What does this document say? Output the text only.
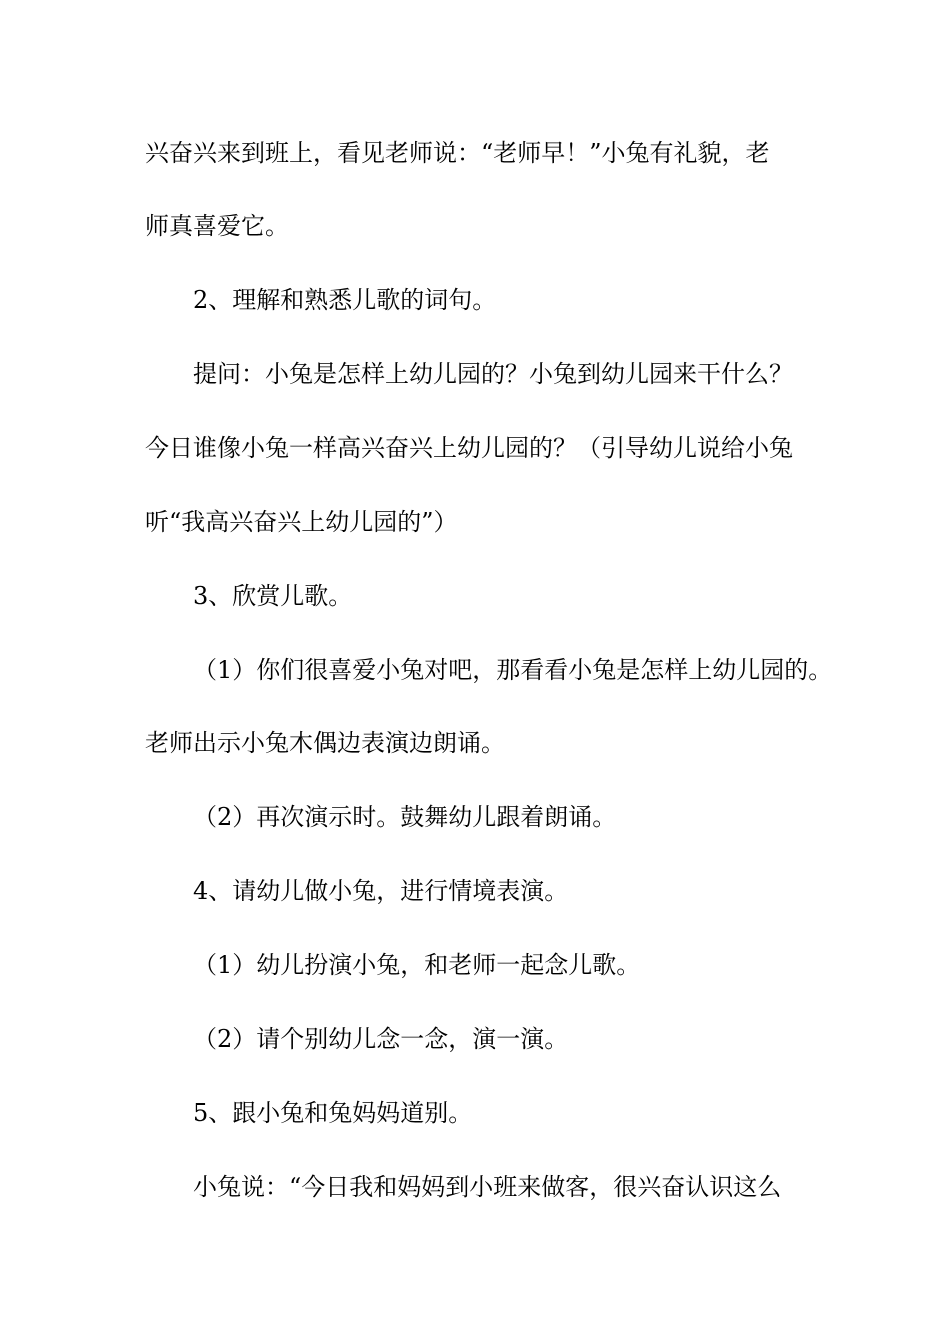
兴奋兴来到班上，看见老师说：“老师早！”小兔有礼貌，老

师真喜爱它。

2、理解和熟悉儿歌的词句。

提问：小兔是怎样上幼儿园的？小兔到幼儿园来干什么？

今日谁像小兔一样高兴奋兴上幼儿园的？（引导幼儿说给小兔

听“我高兴奋兴上幼儿园的”）

3、欣赏儿歌。

（1）你们很喜爱小兔对吧，那看看小兔是怎样上幼儿园的。

老师出示小兔木偶边表演边朗诵。

（2）再次演示时。鼓舞幼儿跟着朗诵。

4、请幼儿做小兔，进行情境表演。

（1）幼儿扮演小兔，和老师一起念儿歌。

（2）请个别幼儿念一念，演一演。

5、跟小兔和兔妈妈道别。

小兔说：“今日我和妈妈到小班来做客，很兴奋认识这么
